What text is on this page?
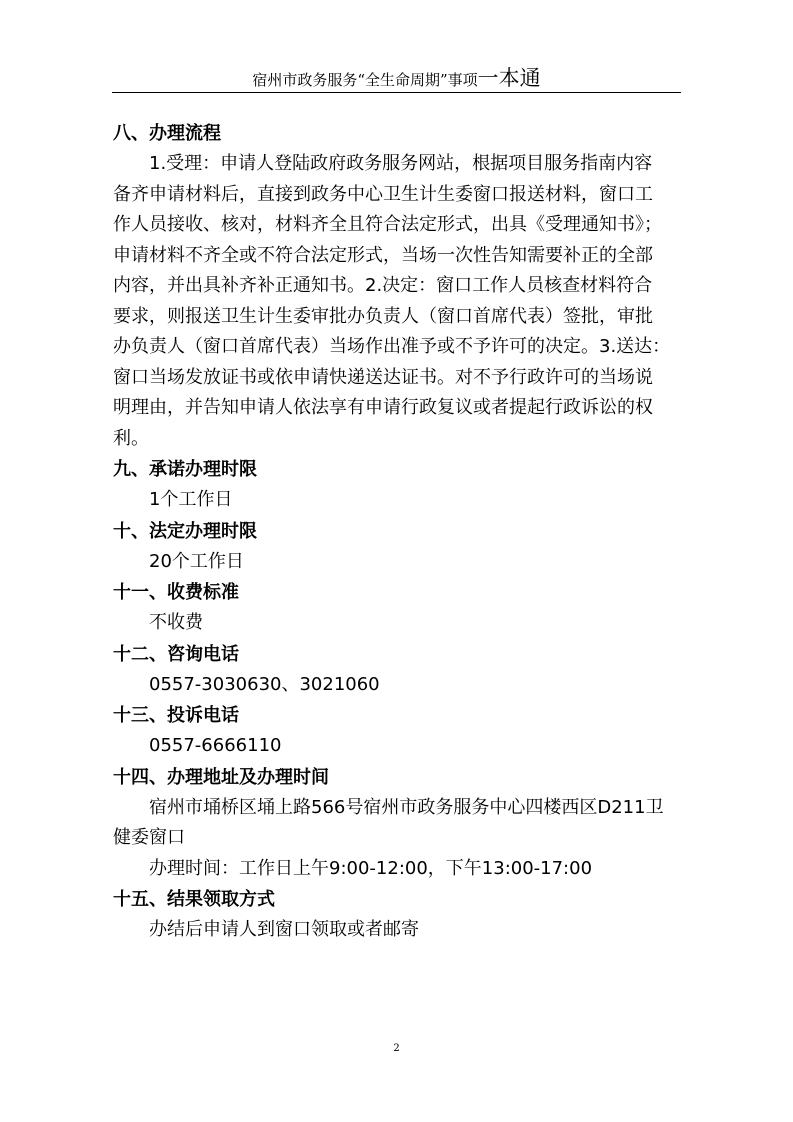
宿州市政务服务“全生命周期”事项一本通
八、办理流程
　　1.受理：申请人登陆政府政务服务网站，根据项目服务指南内容
备齐申请材料后，直接到政务中心卫生计生委窗口报送材料，窗口工
作人员接收、核对，材料齐全且符合法定形式，出具《受理通知书》；
申请材料不齐全或不符合法定形式，当场一次性告知需要补正的全部
内容，并出具补齐补正通知书。2.决定：窗口工作人员核查材料符合
要求，则报送卫生计生委审批办负责人（窗口首席代表）签批，审批
办负责人（窗口首席代表）当场作出准予或不予许可的决定。3.送达：
窗口当场发放证书或依申请快递送达证书。对不予行政许可的当场说
明理由，并告知申请人依法享有申请行政复议或者提起行政诉讼的权
利。
九、承诺办理时限
　　1个工作日
十、法定办理时限
　　20个工作日
十一、收费标准
　　不收费
十二、咨询电话
　　0557-3030630、3021060
十三、投诉电话
　　0557-6666110
十四、办理地址及办理时间
　　宿州市埇桥区埇上路566号宿州市政务服务中心四楼西区D211卫
健委窗口
　　办理时间：工作日上午9:00-12:00，下午13:00-17:00
十五、结果领取方式
　　办结后申请人到窗口领取或者邮寄
2
